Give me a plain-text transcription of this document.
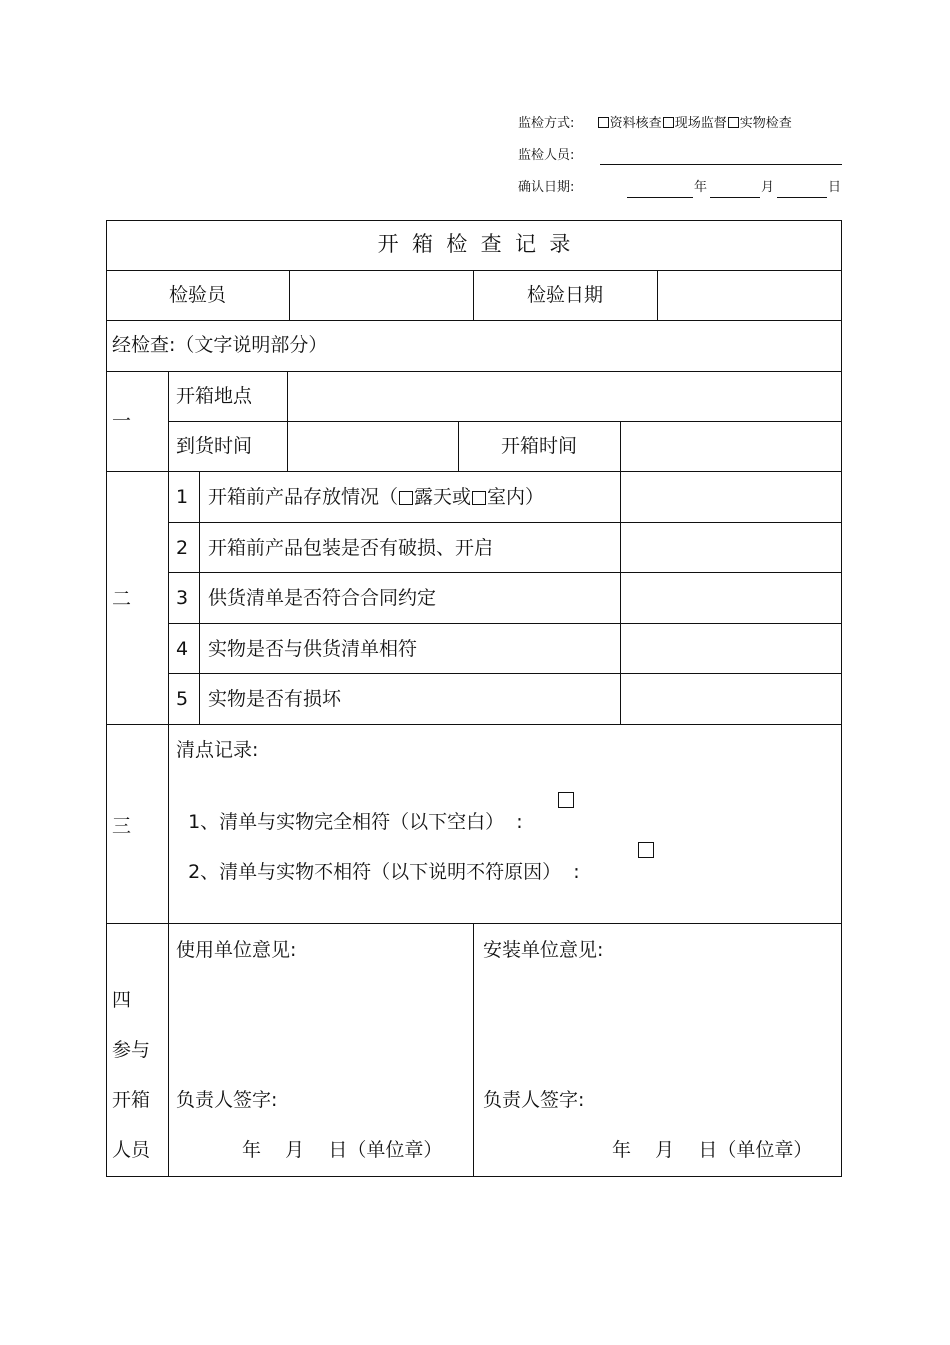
监检方式:	资料核查 现场监督 实物检查
监检人员:
确认日期:	年	月	日
开  箱  检  查  记  录
检验员	检验日期
经检查:（文字说明部分）
一
开箱地点
到货时间	开箱时间
二
1 开箱前产品存放情况（ 露天或 室内）
2 开箱前产品包装是否有破损、开启
3 供货清单是否符合合同约定
4 实物是否与供货清单相符
5 实物是否有损坏
三
清点记录:

1、清单与实物完全相符（以下空白）  :

2、清单与实物不相符（以下说明不符原因）  :

四
参与
开箱
人员
使用单位意见:
负责人签字:
年    月    日（单位章）
安装单位意见:
负责人签字:
年    月    日（单位章）
